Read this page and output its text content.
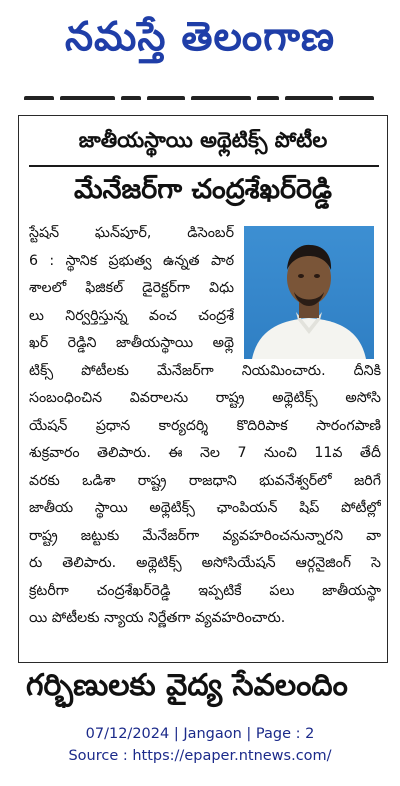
నమస్తే తెలంగాణ
జాతీయస్థాయి అథ్లెటిక్స్ పోటీల
మేనేజర్‌గా చంద్రశేఖర్‌రెడ్డి
స్టేషన్ ఘన్‌పూర్, డిసెంబర్
6 : స్థానిక ప్రభుత్వ ఉన్నత పాఠ
శాలలో ఫిజికల్ డైరెక్టర్‌గా విధు
లు నిర్వర్తిస్తున్న వంచ చంద్రశే
ఖర్ రెడ్డిని జాతీయస్థాయి అథ్లె
టిక్స్ పోటీలకు మేనేజర్‌గా నియమించారు. దీనికి
సంబంధించిన వివరాలను రాష్ట్ర అథ్లెటిక్స్ అసోసి
యేషన్ ప్రధాన కార్యదర్శి కొదిరిపాక సారంగపాణి
శుక్రవారం తెలిపారు. ఈ నెల 7 నుంచి 11వ తేదీ
వరకు ఒడిశా రాష్ట్ర రాజధాని భువనేశ్వర్‌లో జరిగే
జాతీయ స్థాయి అథ్లెటిక్స్ ఛాంపియన్ షిప్ పోటీల్లో
రాష్ట్ర జట్టుకు మేనేజర్‌గా వ్యవహరించనున్నారని వా
రు తెలిపారు. అథ్లెటిక్స్ అసోసియేషన్ ఆర్గనైజింగ్ సె
క్రటరీగా చంద్రశేఖర్‌రెడ్డి ఇప్పటికే పలు జాతీయస్థా
యి పోటీలకు న్యాయ నిర్ణేతగా వ్యవహరించారు.
గర్భిణులకు వైద్య సేవలందిం
07/12/2024 | Jangaon | Page : 2
Source : https://epaper.ntnews.com/
